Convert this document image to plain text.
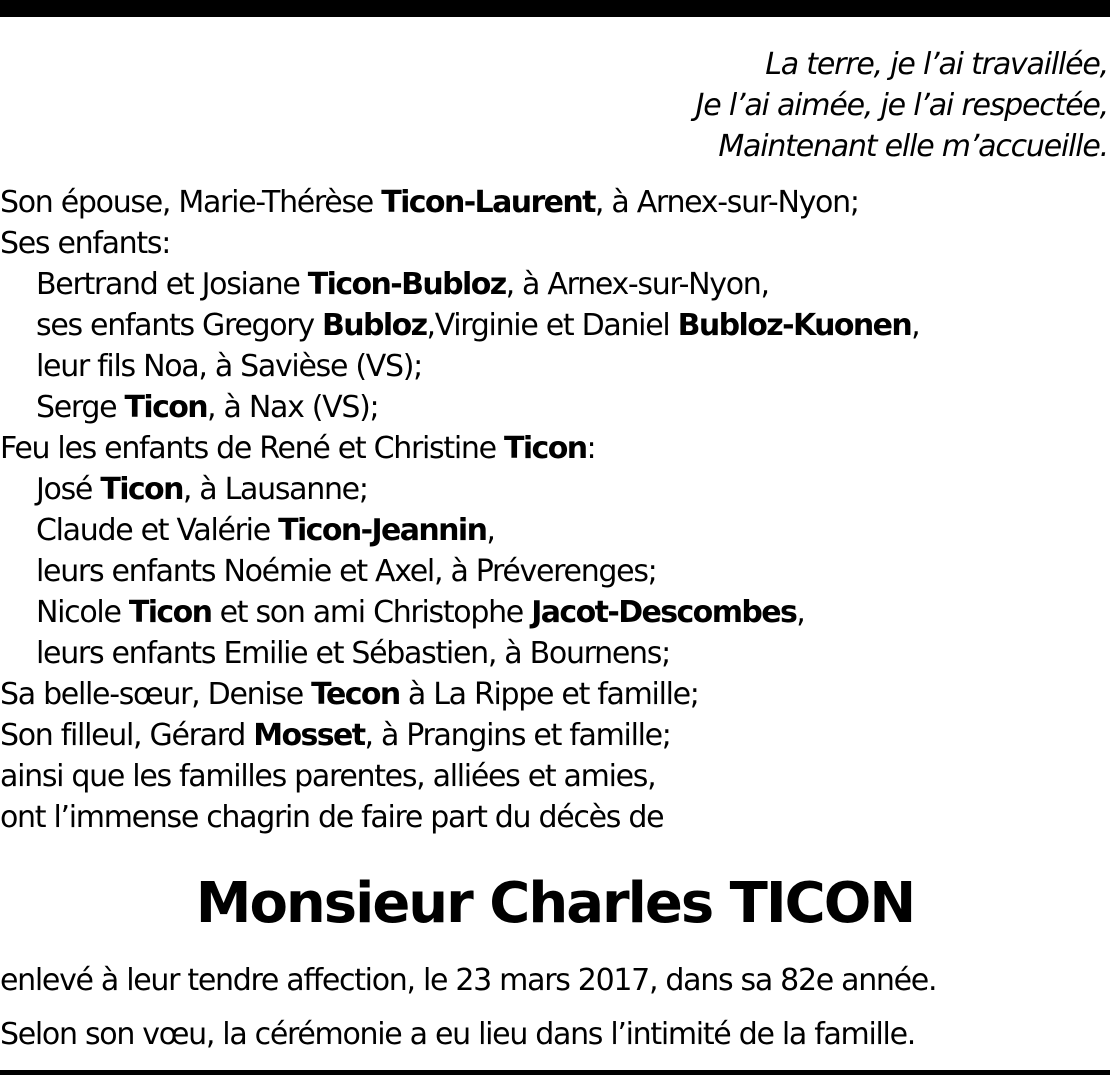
La terre, je l’ai travaillée,
Je l’ai aimée, je l’ai respectée,
Maintenant elle m’accueille.
Son épouse, Marie-Thérèse Ticon-Laurent, à Arnex-sur-Nyon;
Ses enfants:
Bertrand et Josiane Ticon-Bubloz, à Arnex-sur-Nyon,
ses enfants Gregory Bubloz,Virginie et Daniel Bubloz-Kuonen,
leur fils Noa, à Savièse (VS);
Serge Ticon, à Nax (VS);
Feu les enfants de René et Christine Ticon:
José Ticon, à Lausanne;
Claude et Valérie Ticon-Jeannin,
leurs enfants Noémie et Axel, à Préverenges;
Nicole Ticon et son ami Christophe Jacot-Descombes,
leurs enfants Emilie et Sébastien, à Bournens;
Sa belle-sœur, Denise Tecon à La Rippe et famille;
Son filleul, Gérard Mosset, à Prangins et famille;
ainsi que les familles parentes, alliées et amies,
ont l’immense chagrin de faire part du décès de
Monsieur Charles TICON
enlevé à leur tendre affection, le 23 mars 2017, dans sa 82e année.
Selon son vœu, la cérémonie a eu lieu dans l’intimité de la famille.
